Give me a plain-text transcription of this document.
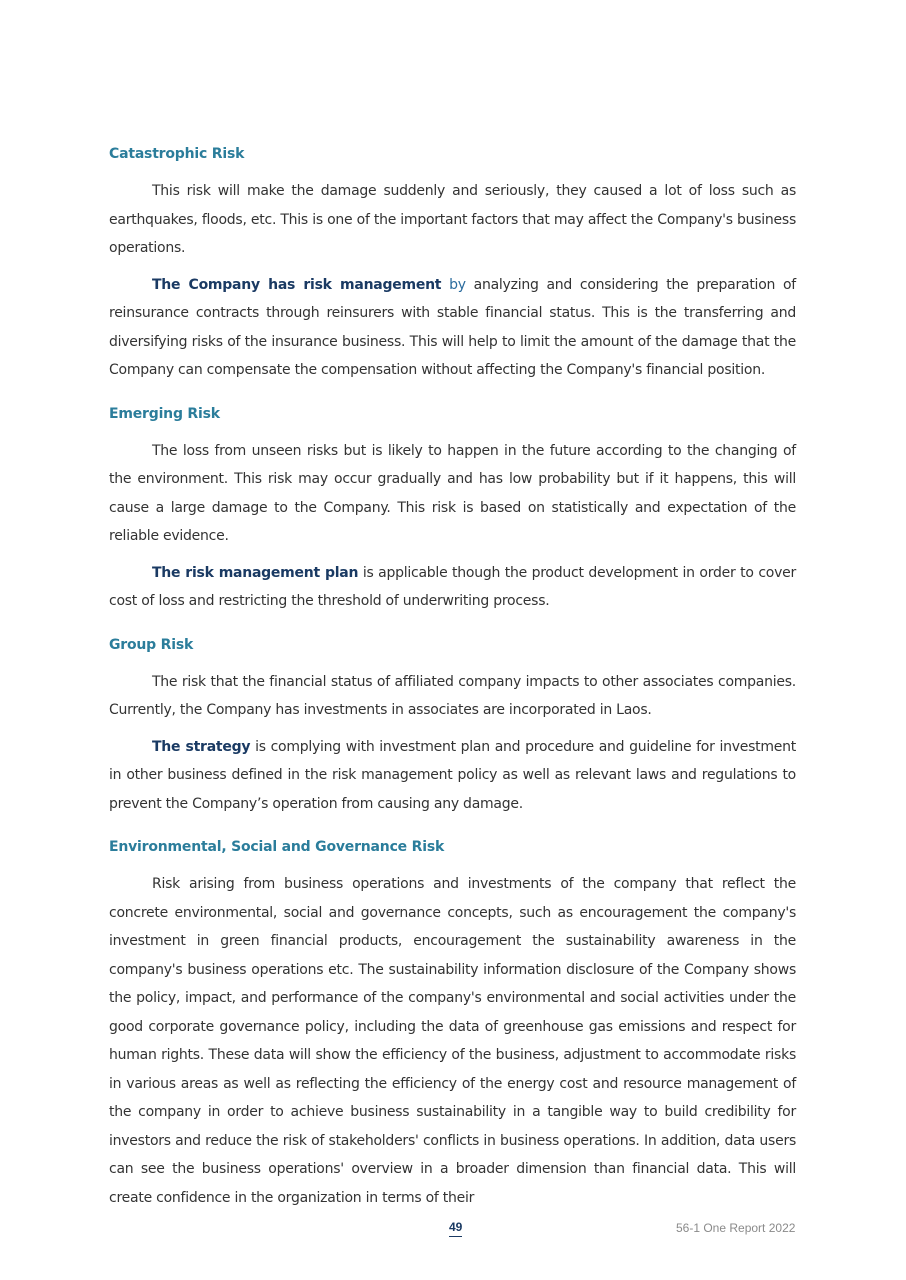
Catastrophic Risk

This risk will make the damage suddenly and seriously, they caused a lot of loss such as earthquakes, floods, etc. This is one of the important factors that may affect the Company's business operations.

The Company has risk management by analyzing and considering the preparation of reinsurance contracts through reinsurers with stable financial status. This is the transferring and diversifying risks of the insurance business. This will help to limit the amount of the damage that the Company can compensate the compensation without affecting the Company's financial position.

Emerging Risk

The loss from unseen risks but is likely to happen in the future according to the changing of the environment. This risk may occur gradually and has low probability but if it happens, this will cause a large damage to the Company. This risk is based on statistically and expectation of the reliable evidence.

The risk management plan is applicable though the product development in order to cover cost of loss and restricting the threshold of underwriting process.

Group Risk

The risk that the financial status of affiliated company impacts to other associates companies. Currently, the Company has investments in associates are incorporated in Laos.

The strategy is complying with investment plan and procedure and guideline for investment in other business defined in the risk management policy as well as relevant laws and regulations to prevent the Company’s operation from causing any damage.

Environmental, Social and Governance Risk

Risk arising from business operations and investments of the company that reflect the concrete environmental, social and governance concepts, such as encouragement the company's investment in green financial products, encouragement the sustainability awareness in the company's business operations etc. The sustainability information disclosure of the Company shows the policy, impact, and performance of the company's environmental and social activities under the good corporate governance policy, including the data of greenhouse gas emissions and respect for human rights. These data will show the efficiency of the business, adjustment to accommodate risks in various areas as well as reflecting the efficiency of the energy cost and resource management of the company in order to achieve business sustainability in a tangible way to build credibility for investors and reduce the risk of stakeholders' conflicts in business operations. In addition, data users can see the business operations' overview in a broader dimension than financial data. This will create confidence in the organization in terms of their

49	56-1 One Report 2022
